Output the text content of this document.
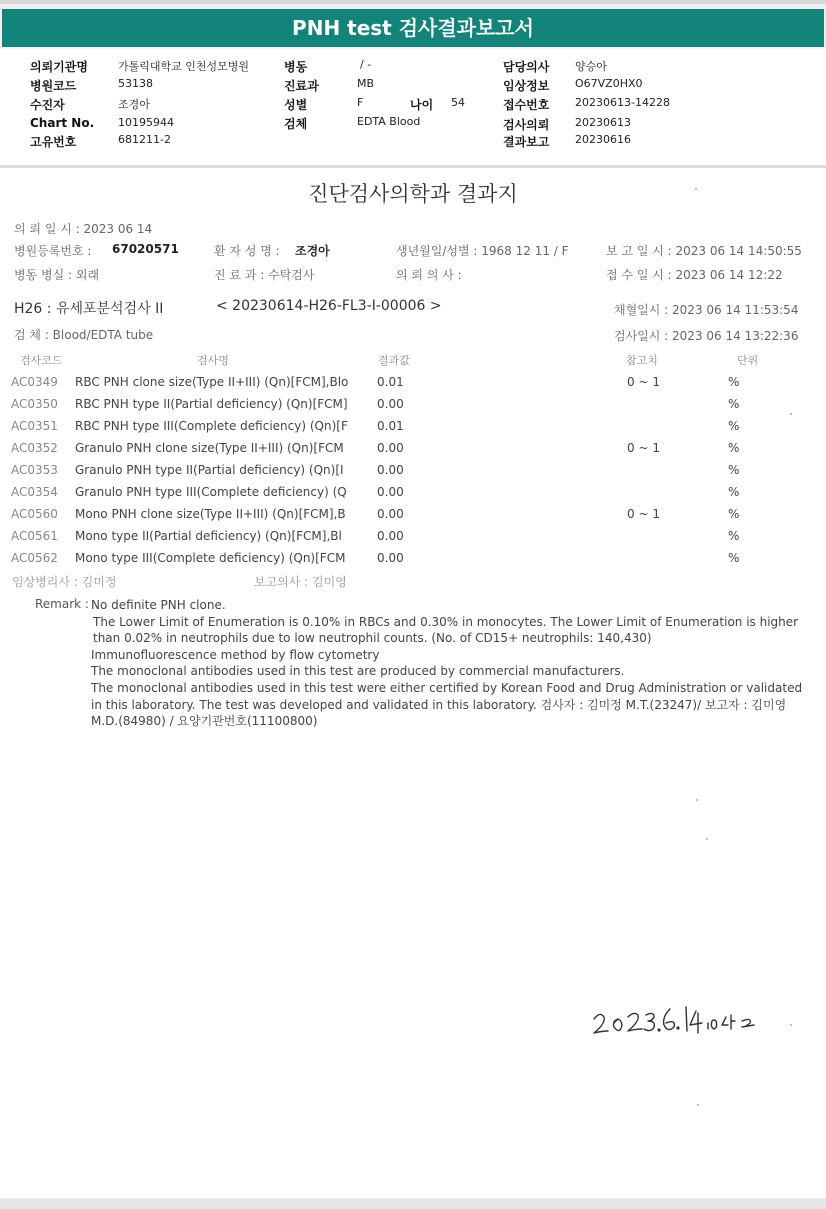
PNH test 검사결과보고서
의뢰기관명	가톨릭대학교 인천성모병원	병동	/ -	담당의사 양승아
병원코드	53138	진료과	MB	임상정보 O67VZ0HX0
수진자	조경아	성별	F	나이 54	접수번호 20230613-14228
Chart No. 10195944	검체	EDTA Blood	검사의뢰 20230613
고유번호	681211-2	결과보고 20230616
진단검사의학과 결과지
의 뢰 일 시 : 2023 06 14
병원등록번호 : 67020571	환 자 성 명 : 조경아	생년월일/성별 : 1968 12 11 / F	보 고 일 시 : 2023 06 14 14:50:55
병동 병실 : 외래	진 료 과 : 수탁검사	의 뢰 의 사 :	접 수 일 시 : 2023 06 14 12:22
H26 : 유세포분석검사 II	< 20230614-H26-FL3-I-00006 >	채혈일시 : 2023 06 14 11:53:54
검 체 : Blood/EDTA tube	검사일시 : 2023 06 14 13:22:36
검사코드	검사명	결과값	참고치	단위
AC0349 RBC PNH clone size(Type II+III) (Qn)[FCM],Blo	0.01	0 ~ 1	%
AC0350 RBC PNH type II(Partial deficiency) (Qn)[FCM]	0.00	%
AC0351 RBC PNH type III(Complete deficiency) (Qn)[F	0.01	%
AC0352 Granulo PNH clone size(Type II+III) (Qn)[FCM	0.00	0 ~ 1	%
AC0353 Granulo PNH type II(Partial deficiency) (Qn)[I	0.00	%
AC0354 Granulo PNH type III(Complete deficiency) (Q	0.00	%
AC0560 Mono PNH clone size(Type II+III) (Qn)[FCM],B	0.00	0 ~ 1	%
AC0561 Mono type II(Partial deficiency) (Qn)[FCM],Bl	0.00	%
AC0562 Mono type III(Complete deficiency) (Qn)[FCM	0.00	%
임상병리사 : 김미정	보고의사 : 김미영
Remark : No definite PNH clone.
The Lower Limit of Enumeration is 0.10% in RBCs and 0.30% in monocytes. The Lower Limit of Enumeration is higher than 0.02% in neutrophils due to low neutrophil counts. (No. of CD15+ neutrophils: 140,430)
Immunofluorescence method by flow cytometry
The monoclonal antibodies used in this test are produced by commercial manufacturers.
The monoclonal antibodies used in this test were either certified by Korean Food and Drug Administration or validated in this laboratory. The test was developed and validated in this laboratory. 검사자 : 김미정 M.T.(23247)/ 보고자 : 김미영 M.D.(84980) / 요양기관번호(11100800)
